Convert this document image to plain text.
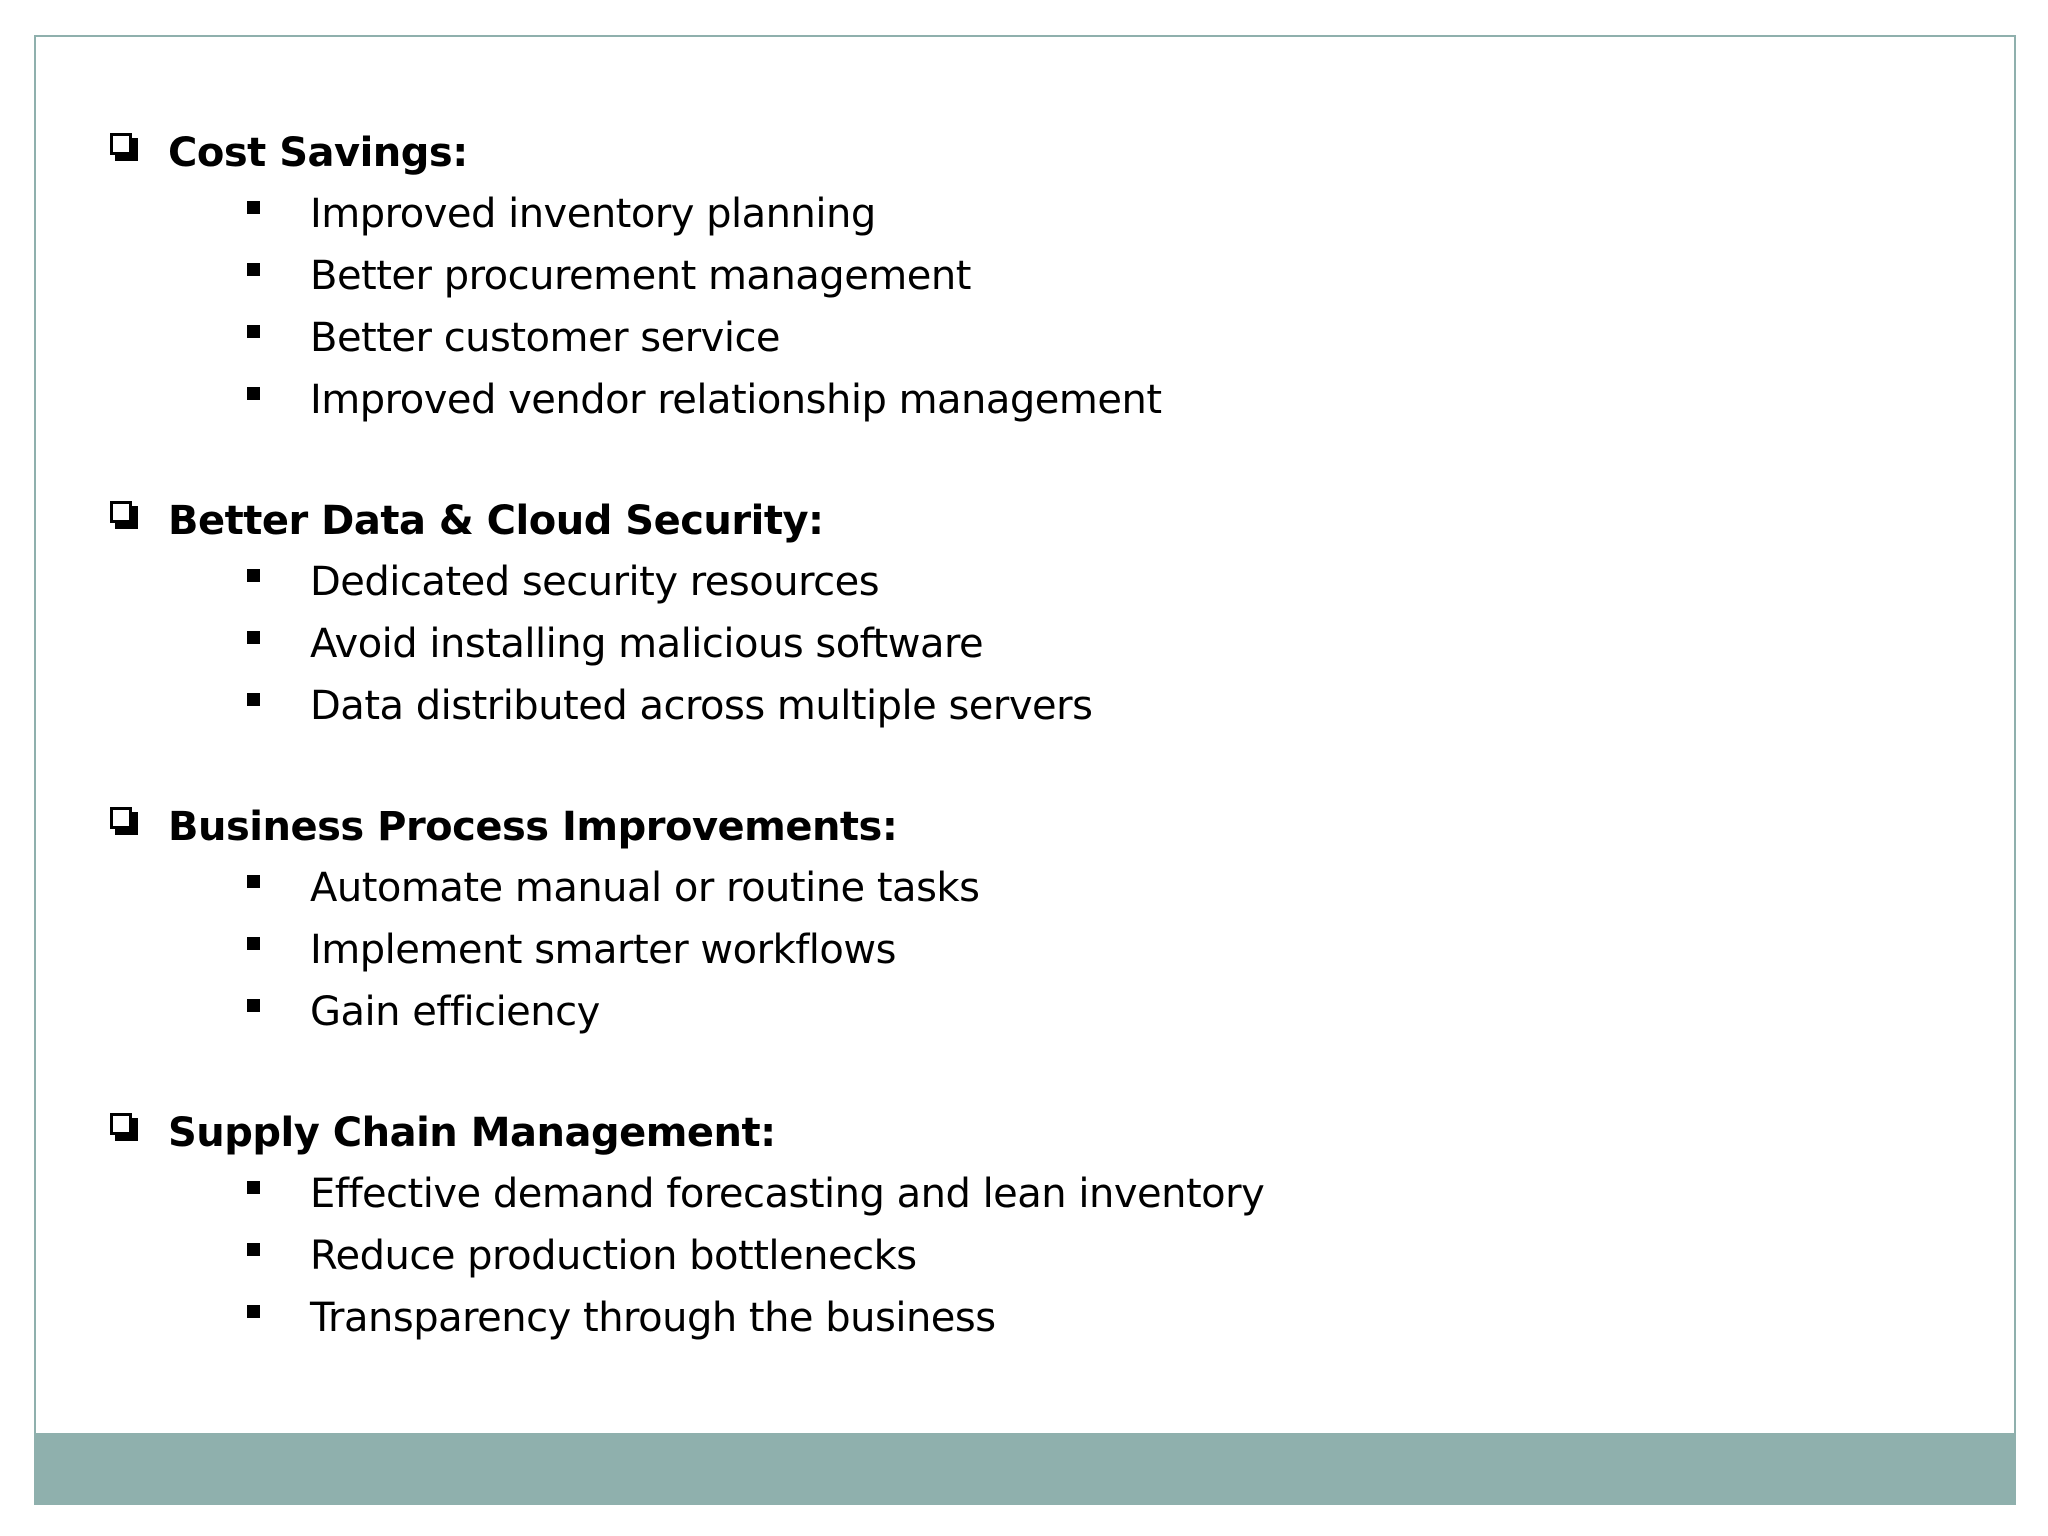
Cost Savings:
Improved inventory planning
Better procurement management
Better customer service
Improved vendor relationship management
Better Data & Cloud Security:
Dedicated security resources
Avoid installing malicious software
Data distributed across multiple servers
Business Process Improvements:
Automate manual or routine tasks
Implement smarter workflows
Gain efficiency
Supply Chain Management:
Effective demand forecasting and lean inventory
Reduce production bottlenecks
Transparency through the business
